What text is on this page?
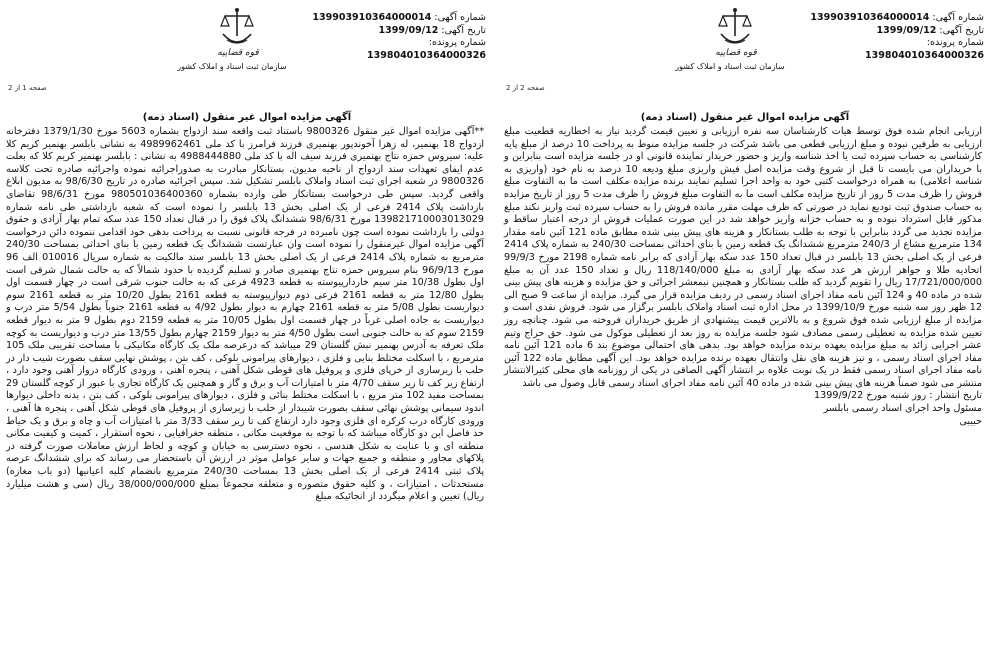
قوه قضاییه
سازمان ثبت اسناد و املاک کشور
شماره آگهی: 139903910364000014
تاریخ آگهی: 1399/09/12
شماره پرونده:
139804010364000326
صفحه 1 از 2
آگهی مزایده اموال غیر منقول (اسناد ذمه)

**آگهی مزایده اموال غیر منقول 9800326 باستناد ثبت واقعه سند ازدواج بشماره 5603 مورخ 1379/1/30 دفترخانه ازدواج 18 بهنمیر، له زهرا آخوندپور بهنمیری فرزند فرامرز با کد ملی 4989962461 به نشانی بابلسر بهنمیر کریم کلا علیه: سیروس حمزه نتاج بهنمیری فرزند سیف اله با کد ملی 4988444880 به نشانی : بابلسر بهنمیر کریم کلا که بعلت عدم ایفای تعهدات سند ازدواج از ناحیه مدیون، بستانکار مبادرت به صدوراجرائیه نموده واجرائیه صادره تحت کلاسه 9800326 در شعبه اجرای ثبت اسناد واملاک بابلسر تشکیل شد. سپس اجرائیه صادره در تاریخ 98/6/30 به مدیون ابلاغ واقعی گردید. سپس طی درخواست بستانکار طی وارده بشماره 980501036400360 مورخ 98/6/31 تقاضای بازداشت پلاک 2414 فرعی از یک اصلی بخش 13 بابلسر را نموده است که شعبه بازداشتی طی نامه شماره 139821710003013029 مورخ 98/6/31 ششدانگ پلاک فوق را در قبال تعداد 150 عدد سکه تمام بهار آزادی و حقوق دولتی را بازداشت نموده است چون نامبرده در فرجه قانونی نسبت به پرداخت بدهی خود اقدامی ننموده دائن درخواست آگهی مزایده اموال غیرمنقول را نموده است وان عبارتست ششدانگ یک قطعه زمین با بنای احداثی بمساحت 240/30 مترمربع به شماره پلاک 2414 فرعی از یک اصلی بخش 13 بابلسر سند مالکیت به شماره سریال 010016 الف 96 مورخ 96/9/13 بنام سیروس حمزه نتاج بهنمیری صادر و تسلیم گردیده با حدود شمالاً که به حالت شمال شرقی است اول بطول 10/38 متر سیم خاردارپیوسته به قطعه 4923 فرعی که به حالت جنوب شرقی است در چهار قسمت اول بطول 12/80 متر به قطعه 2161 فرعی دوم دیوارپیوسته به قطعه 2161 بطول 10/20 متر به قطعه 2161 سوم دیواریست بطول 5/08 متر به قطعه 2161 چهارم به دیوار بطول 4/92 به قطعه 2161 جنوباً بطول 5/54 متر درب و دیواریست به جاده اصلی غرباً در چهار قسمت اول بطول 10/05 متر به قطعه 2159 دوم بطول 9 متر به دیوار قطعه 2159 سوم که به حالت جنوبی است بطول 4/50 متر به دیوار 2159 چهارم بطول 13/55 متر درب و دیواریست به کوچه ملک تعرفه به آدرس بهنمیر نبش گلستان 29 میباشد که درعرصه ملک یک کارگاه مکانیکی با مساحت تقریبی ملک 105 مترمربع ، با اسکلت مختلط بنایی و فلزی ، دیوارهای پیرامونی بلوکی ، کف بتن ، پوشش نهایی سقف بصورت شیب دار در حلب با زیرسازی از خرپای فلزی و پروفیل های قوطی شکل آهنی ، پنجره آهنی ، ورودی کارگاه درواز آهنی وجود دارد ، ارتفاع زیر کف تا زیر سقف 4/70 متر با امتیازات آب و برق و گاز و همچنین یک کارگاه تجاری با عبور از کوچه گلستان 29 بمساحت مفید 102 متر مربع ، با اسکلت مختلط بنائی و فلزی ، دیوارهای پیرامونی بلوکی ، کف بتن ، بدنه داخلی دیوارها اندود سیمانی پوشش نهائی سقف بصورت شیبدار از حلب با زیرسازی از پروفیل های قوطی شکل آهنی ، پنجره ها آهنی ، ورودی کارگاه درب کرکره ای فلزی وجود دارد ارتفاع کف تا زیر سقف 3/33 متر با امتیازات آب و چاه و برق و یک حیاط حد فاصل این دو کارگاه میباشد که با توجه به موقعیت مکانی ، منطقه جغرافیایی ، نحوه استقرار ، کمیت و کیفیت مکانی منطقه ای و با عنایت به شکل هندسی ، نحوه دسترسی به خیابان و کوچه و لحاظ ارزش معاملات صورت گرفته در پلاکهای مجاور و منطقه و جمیع جهات و سایر عوامل موثر در ارزش آن باستحضار می رساند که برای ششدانگ عرصه پلاک ثبتی 2414 فرعی از یک اصلی بخش 13 بمساحت 240/30 مترمربع بانضمام کلیه اعیانیها (دو باب مغازه) مستحدثات ، امتیازات ، و کلیه حقوق متصوره و متعلقه مجموعاً بمبلغ 38/000/000/000 ریال (سی و هشت میلیارد ریال) تعیین و اعلام میگردد از انجائیکه مبلغ

قوه قضاییه
سازمان ثبت اسناد و املاک کشور
شماره آگهی: 139903910364000014
تاریخ آگهی: 1399/09/12
شماره پرونده:
139804010364000326
صفحه 2 از 2
آگهی مزایده اموال غیر منقول (اسناد ذمه)

ارزیابی انجام شده فوق توسط هیات کارشناسان سه نفره ارزیابی و تعیین قیمت گردید نیاز به اخطاریه قطعیت مبلغ ارزیابی به طرفین نبوده و مبلغ ارزیابی قطعی می باشد شرکت در جلسه مزایده منوط به پرداخت 10 درصد از مبلغ پایه کارشناسی به حساب سپرده ثبت یا اخذ شناسه واریز و حضور خریدار نماینده قانونی او در جلسه مزایده است بنابراین و با خریداران می بایست تا قبل از شروع وقت مزایده اصل فیش واریزی مبلغ ودیعه 10 درصد به نام خود (واریزی به شناسه اعلامی) به همراه درخواست کتبی خود به واحد اجرا تسلیم نمایند برنده مزایده مکلف است ما به التفاوت مبلغ فروش را ظرف مدت 5 روز از تاریخ مزایده مکلف است ما به التفاوت مبلغ فروش را ظرف مدت 5 روز از تاریخ مزایده به حساب صندوق ثبت تودیع نماید در صورتی که ظرف مهلت مقرر مانده فروش را به حساب سپرده ثبت واریز نکند مبلغ مذکور قابل استرداد نبوده و به حساب خزانه واریز خواهد شد در این صورت عملیات فروش از درجه اعتبار ساقط و مزایده تجدید می گردد بنابراین با توجه به طلب بستانکار و هزینه های پیش بینی شده مطابق ماده 121 آئین نامه مقدار 134 مترمربع مشاع از 240/3 مترمربع ششدانگ یک قطعه زمین با بنای احداثی بمساحت 240/30 به شماره پلاک 2414 فرعی از یک اصلی بخش 13 بابلسر در قبال تعداد 150 عدد سکه بهار آزادی که برابر نامه شماره 2198 مورخ 99/9/3 اتحادیه طلا و جواهر ارزش هر عدد سکه بهار آزادی به مبلغ 118/140/000 ریال و تعداد 150 عدد آن به مبلغ 17/721/000/000 ریال را تقویم گردید که طلب بستانکار و همچنین نیمعشر اجرائی و حق مزایده و هزینه های پیش بینی شده در ماده 40 و 124 آئین نامه مفاد اجرای اسناد رسمی در ردیف مزایده قرار می گیرد. مزایده از ساعت 9 صبح الی 12 ظهر روز سه شنبه مورخ 1399/10/9 در محل اداره ثبت اسناد واملاک بابلسر برگزار می شود. فروش نقدی است و مزایده از مبلغ ارزیابی شده فوق شروع و به بالاترین قیمت پیشنهادی از طریق خریداران فروخته می شود. چنانچه روز تعیین شده مزایده به تعطیلی رسمی مصادف شود جلسه مزایده به روز بعد از تعطیلی موکول می شود. حق حراج وتیم عشر اجرایی زائد به مبلغ مزایده بعهده برنده مزایده خواهد بود. بدهی های احتمالی موضوع بند 6 ماده 121 آئین نامه مفاد اجرای اسناد رسمی ، و نیز هزینه های نقل وانتقال بعهده برنده مزایده خواهد بود. این آگهی مطابق ماده 122 آئین نامه مفاد اجرای اسناد رسمی فقط در یک نوبت علاوه بر انتشار آگهی الصاقی در یکی از روزنامه های محلی کثیرالانتشار منتشر می شود ضمناً هزینه های پیش بینی شده در ماده 40 آئین نامه مفاد اجرای اسناد رسمی قابل وصول می باشد

تاریخ انتشار : روز شنبه مورخ 1399/9/22

مسئول واحد اجرای اسناد رسمی بابلسر

حبیبی
